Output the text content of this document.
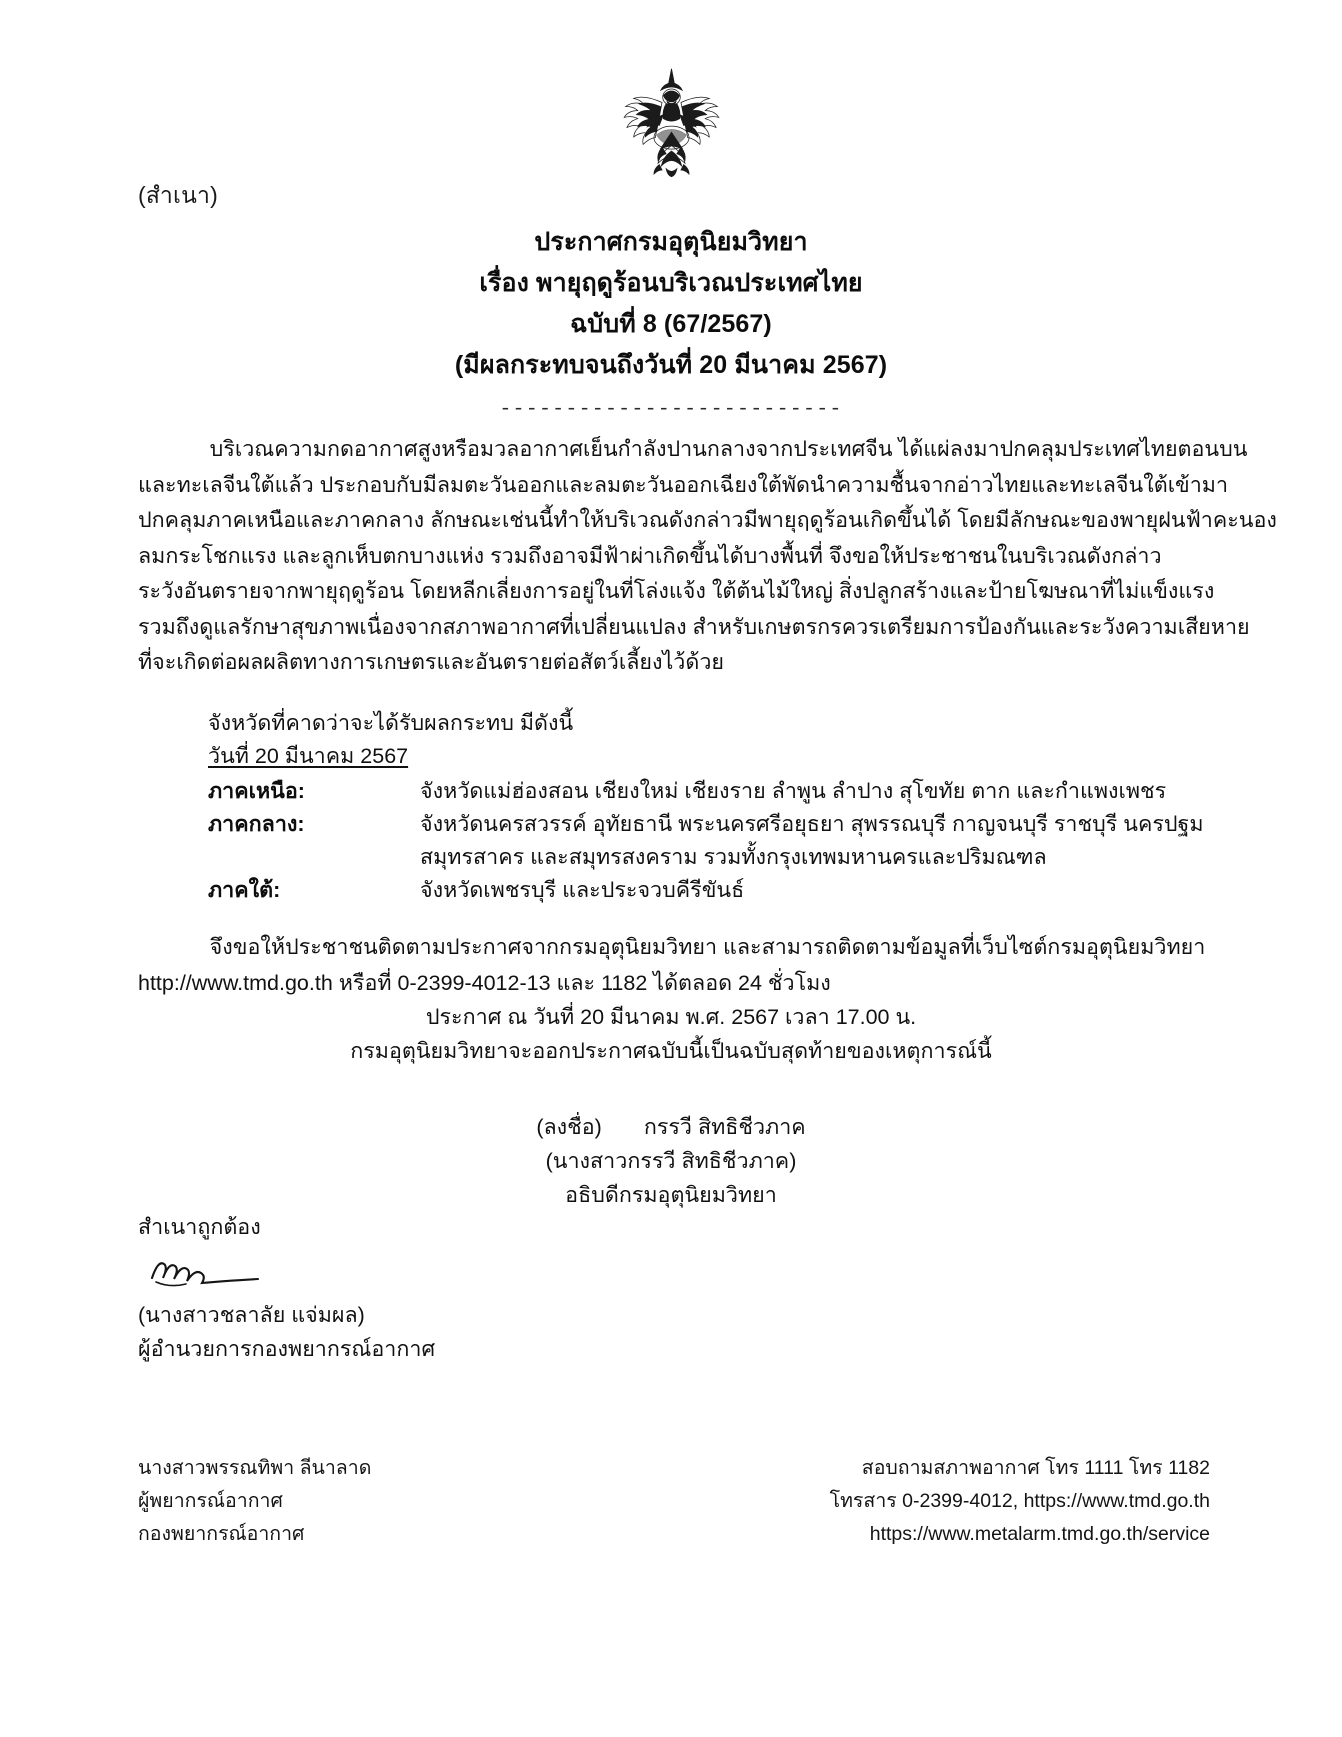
(สำเนา)
ประกาศกรมอุตุนิยมวิทยา
เรื่อง พายุฤดูร้อนบริเวณประเทศไทย
ฉบับที่ 8 (67/2567)
(มีผลกระทบจนถึงวันที่ 20 มีนาคม 2567)
--------------------------
บริเวณความกดอากาศสูงหรือมวลอากาศเย็นกำลังปานกลางจากประเทศจีน ได้แผ่ลงมาปกคลุมประเทศไทยตอนบน
และทะเลจีนใต้แล้ว ประกอบกับมีลมตะวันออกและลมตะวันออกเฉียงใต้พัดนำความชื้นจากอ่าวไทยและทะเลจีนใต้เข้ามา
ปกคลุมภาคเหนือและภาคกลาง ลักษณะเช่นนี้ทำให้บริเวณดังกล่าวมีพายุฤดูร้อนเกิดขึ้นได้ โดยมีลักษณะของพายุฝนฟ้าคะนอง
ลมกระโชกแรง และลูกเห็บตกบางแห่ง รวมถึงอาจมีฟ้าผ่าเกิดขึ้นได้บางพื้นที่ จึงขอให้ประชาชนในบริเวณดังกล่าว
ระวังอันตรายจากพายุฤดูร้อน โดยหลีกเลี่ยงการอยู่ในที่โล่งแจ้ง ใต้ต้นไม้ใหญ่ สิ่งปลูกสร้างและป้ายโฆษณาที่ไม่แข็งแรง
รวมถึงดูแลรักษาสุขภาพเนื่องจากสภาพอากาศที่เปลี่ยนแปลง สำหรับเกษตรกรควรเตรียมการป้องกันและระวังความเสียหาย
ที่จะเกิดต่อผลผลิตทางการเกษตรและอันตรายต่อสัตว์เลี้ยงไว้ด้วย
จังหวัดที่คาดว่าจะได้รับผลกระทบ มีดังนี้
วันที่ 20 มีนาคม 2567
ภาคเหนือ:	จังหวัดแม่ฮ่องสอน เชียงใหม่ เชียงราย ลำพูน ลำปาง สุโขทัย ตาก และกำแพงเพชร
ภาคกลาง:	จังหวัดนครสวรรค์ อุทัยธานี พระนครศรีอยุธยา สุพรรณบุรี กาญจนบุรี ราชบุรี นครปฐม
สมุทรสาคร และสมุทรสงคราม รวมทั้งกรุงเทพมหานครและปริมณฑล
ภาคใต้:	จังหวัดเพชรบุรี และประจวบคีรีขันธ์
จึงขอให้ประชาชนติดตามประกาศจากกรมอุตุนิยมวิทยา และสามารถติดตามข้อมูลที่เว็บไซต์กรมอุตุนิยมวิทยา
http://www.tmd.go.th หรือที่ 0-2399-4012-13 และ 1182 ได้ตลอด 24 ชั่วโมง
ประกาศ ณ วันที่ 20 มีนาคม พ.ศ. 2567 เวลา 17.00 น.
กรมอุตุนิยมวิทยาจะออกประกาศฉบับนี้เป็นฉบับสุดท้ายของเหตุการณ์นี้
(ลงชื่อ) กรรวี สิทธิชีวภาค
(นางสาวกรรวี สิทธิชีวภาค)
อธิบดีกรมอุตุนิยมวิทยา
สำเนาถูกต้อง
(นางสาวชลาลัย แจ่มผล)
ผู้อำนวยการกองพยากรณ์อากาศ
นางสาวพรรณทิพา ลีนาลาด
ผู้พยากรณ์อากาศ
กองพยากรณ์อากาศ
สอบถามสภาพอากาศ โทร 1111 โทร 1182
โทรสาร 0-2399-4012, https://www.tmd.go.th
https://www.metalarm.tmd.go.th/service
